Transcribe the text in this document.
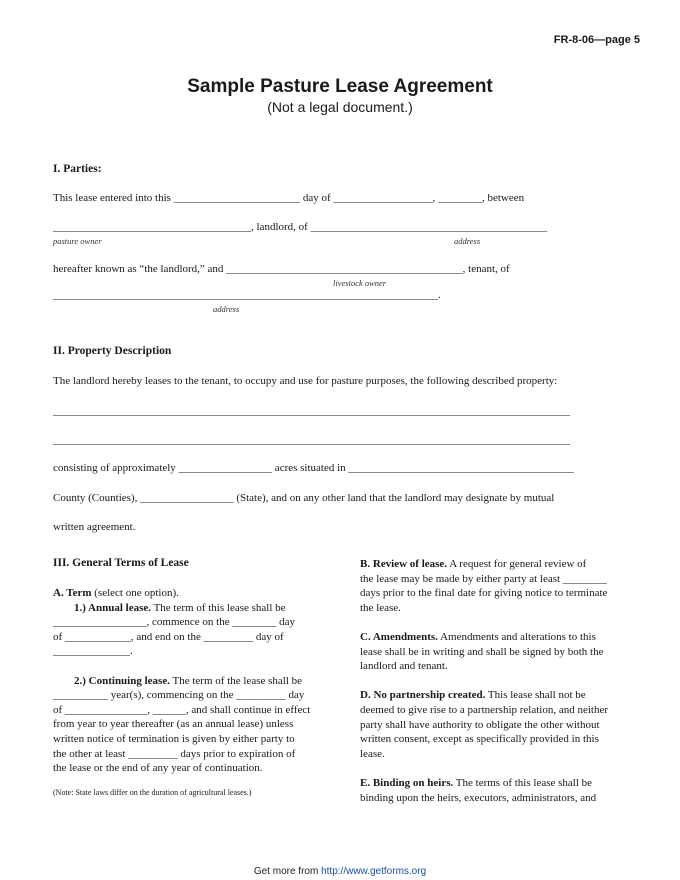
FR-8-06—page 5
Sample Pasture Lease Agreement
(Not a legal document.)
I. Parties:
This lease entered into this _______________________ day of __________________, ________, between
____________________________________, landlord, of ___________________________________________
pasture owner	address
hereafter known as “the landlord,” and ___________________________________________, tenant, of
livestock owner
______________________________________________________________________.
address
II. Property Description
The landlord hereby leases to the tenant, to occupy and use for pasture purposes, the following described property:
______________________________________________________________________________________________
______________________________________________________________________________________________
consisting of approximately _________________ acres situated in _________________________________________
County (Counties), _________________ (State), and on any other land that the landlord may designate by mutual
written agreement.
III. General Terms of Lease

A. Term (select one option).

1.) Annual lease. The term of this lease shall be

_________________, commence on the ________ day

of ____________, and end on the _________ day of

______________.

2.) Continuing lease. The term of the lease shall be

__________ year(s), commencing on the _________ day

of _______________, ______, and shall continue in effect

from year to year thereafter (as an annual lease) unless

written notice of termination is given by either party to

the other at least _________ days prior to expiration of

the lease or the end of any year of continuation.

(Note: State laws differ on the duration of agricultural leases.)

B. Review of lease. A request for general review of

the lease may be made by either party at least ________

days prior to the final date for giving notice to terminate

the lease.

C. Amendments. Amendments and alterations to this

lease shall be in writing and shall be signed by both the

landlord and tenant.

D. No partnership created. This lease shall not be

deemed to give rise to a partnership relation, and neither

party shall have authority to obligate the other without

written consent, except as specifically provided in this

lease.

E. Binding on heirs. The terms of this lease shall be

binding upon the heirs, executors, administrators, and

Get more from http://www.getforms.org
